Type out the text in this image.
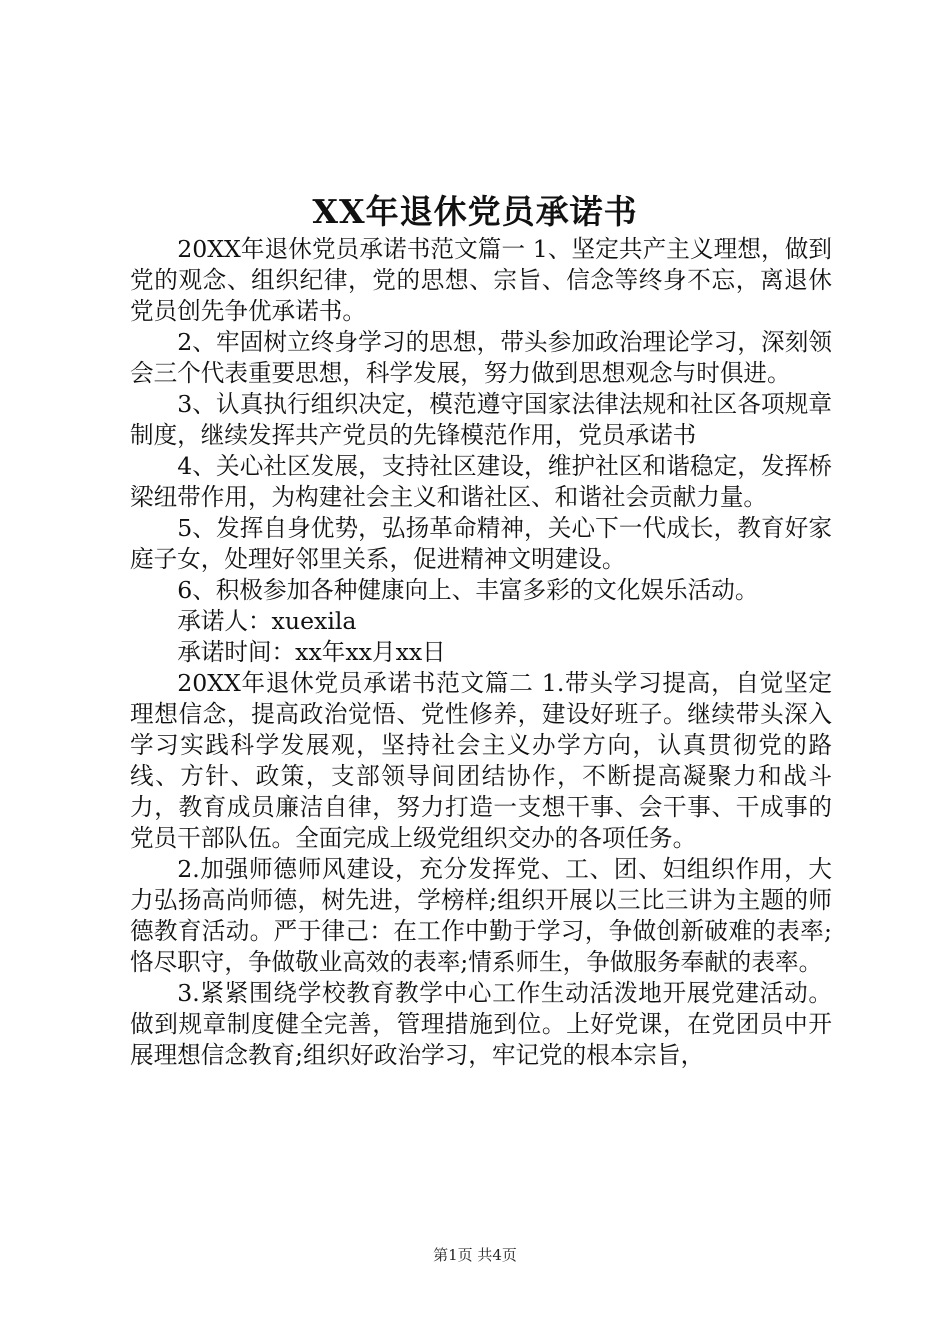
XX年退休党员承诺书

20XX年退休党员承诺书范文篇一 1、坚定共产主义理想，做到党的观念、组织纪律，党的思想、宗旨、信念等终身不忘，离退休党员创先争优承诺书。

2、牢固树立终身学习的思想，带头参加政治理论学习，深刻领会三个代表重要思想，科学发展，努力做到思想观念与时俱进。

3、认真执行组织决定，模范遵守国家法律法规和社区各项规章制度，继续发挥共产党员的先锋模范作用，党员承诺书

4、关心社区发展，支持社区建设，维护社区和谐稳定，发挥桥梁纽带作用，为构建社会主义和谐社区、和谐社会贡献力量。

5、发挥自身优势，弘扬革命精神，关心下一代成长，教育好家庭子女，处理好邻里关系，促进精神文明建设。

6、积极参加各种健康向上、丰富多彩的文化娱乐活动。

承诺人：xuexila

承诺时间：xx年xx月xx日

20XX年退休党员承诺书范文篇二 1.带头学习提高，自觉坚定理想信念，提高政治觉悟、党性修养，建设好班子。继续带头深入学习实践科学发展观，坚持社会主义办学方向，认真贯彻党的路线、方针、政策，支部领导间团结协作，不断提高凝聚力和战斗力，教育成员廉洁自律，努力打造一支想干事、会干事、干成事的党员干部队伍。全面完成上级党组织交办的各项任务。

2.加强师德师风建设，充分发挥党、工、团、妇组织作用，大力弘扬高尚师德，树先进，学榜样;组织开展以三比三讲为主题的师德教育活动。严于律己：在工作中勤于学习，争做创新破难的表率;恪尽职守，争做敬业高效的表率;情系师生，争做服务奉献的表率。

3.紧紧围绕学校教育教学中心工作生动活泼地开展党建活动。做到规章制度健全完善，管理措施到位。上好党课，在党团员中开展理想信念教育;组织好政治学习，牢记党的根本宗旨，

第1页 共4页
